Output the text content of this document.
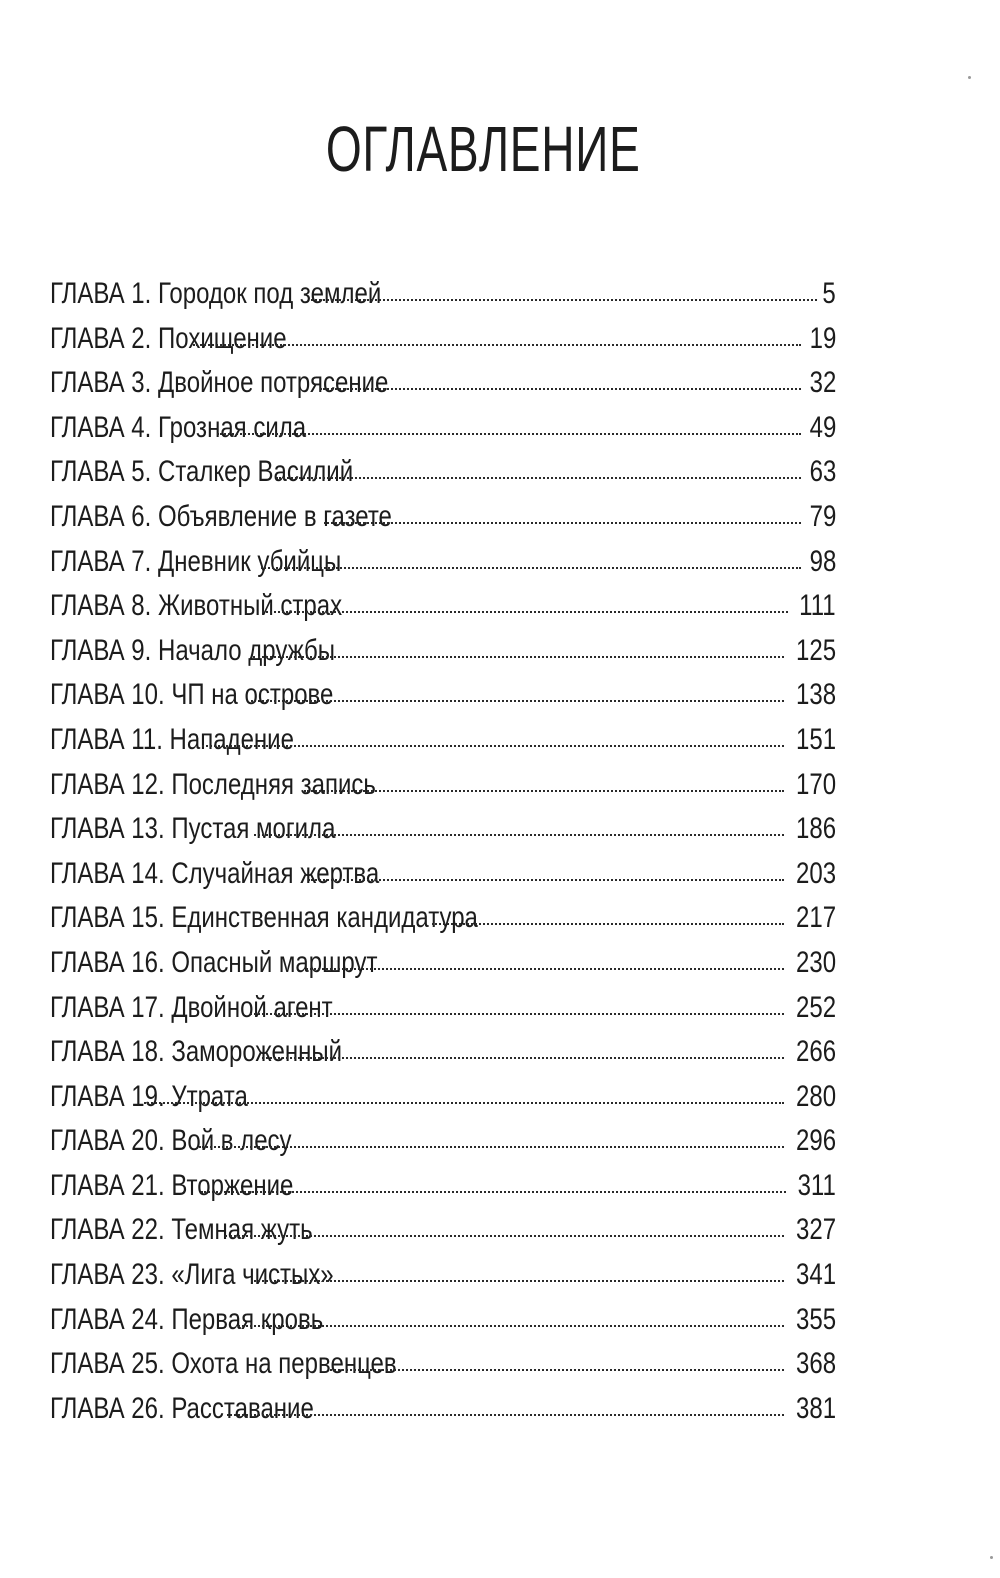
ОГЛАВЛЕНИЕ
ГЛАВА 1. Городок под землей	5
ГЛАВА 2. Похищение	19
ГЛАВА 3. Двойное потрясение	32
ГЛАВА 4. Грозная сила	49
ГЛАВА 5. Сталкер Василий	63
ГЛАВА 6. Объявление в газете	79
ГЛАВА 7. Дневник убийцы	98
ГЛАВА 8. Животный страх	111
ГЛАВА 9. Начало дружбы	125
ГЛАВА 10. ЧП на острове	138
ГЛАВА 11. Нападение	151
ГЛАВА 12. Последняя запись	170
ГЛАВА 13. Пустая могила	186
ГЛАВА 14. Случайная жертва	203
ГЛАВА 15. Единственная кандидатура	217
ГЛАВА 16. Опасный маршрут	230
ГЛАВА 17. Двойной агент	252
ГЛАВА 18. Замороженный	266
ГЛАВА 19. Утрата	280
ГЛАВА 20. Вой в лесу	296
ГЛАВА 21. Вторжение	311
ГЛАВА 22. Темная жуть	327
ГЛАВА 23. «Лига чистых»	341
ГЛАВА 24. Первая кровь	355
ГЛАВА 25. Охота на первенцев	368
ГЛАВА 26. Расставание	381
